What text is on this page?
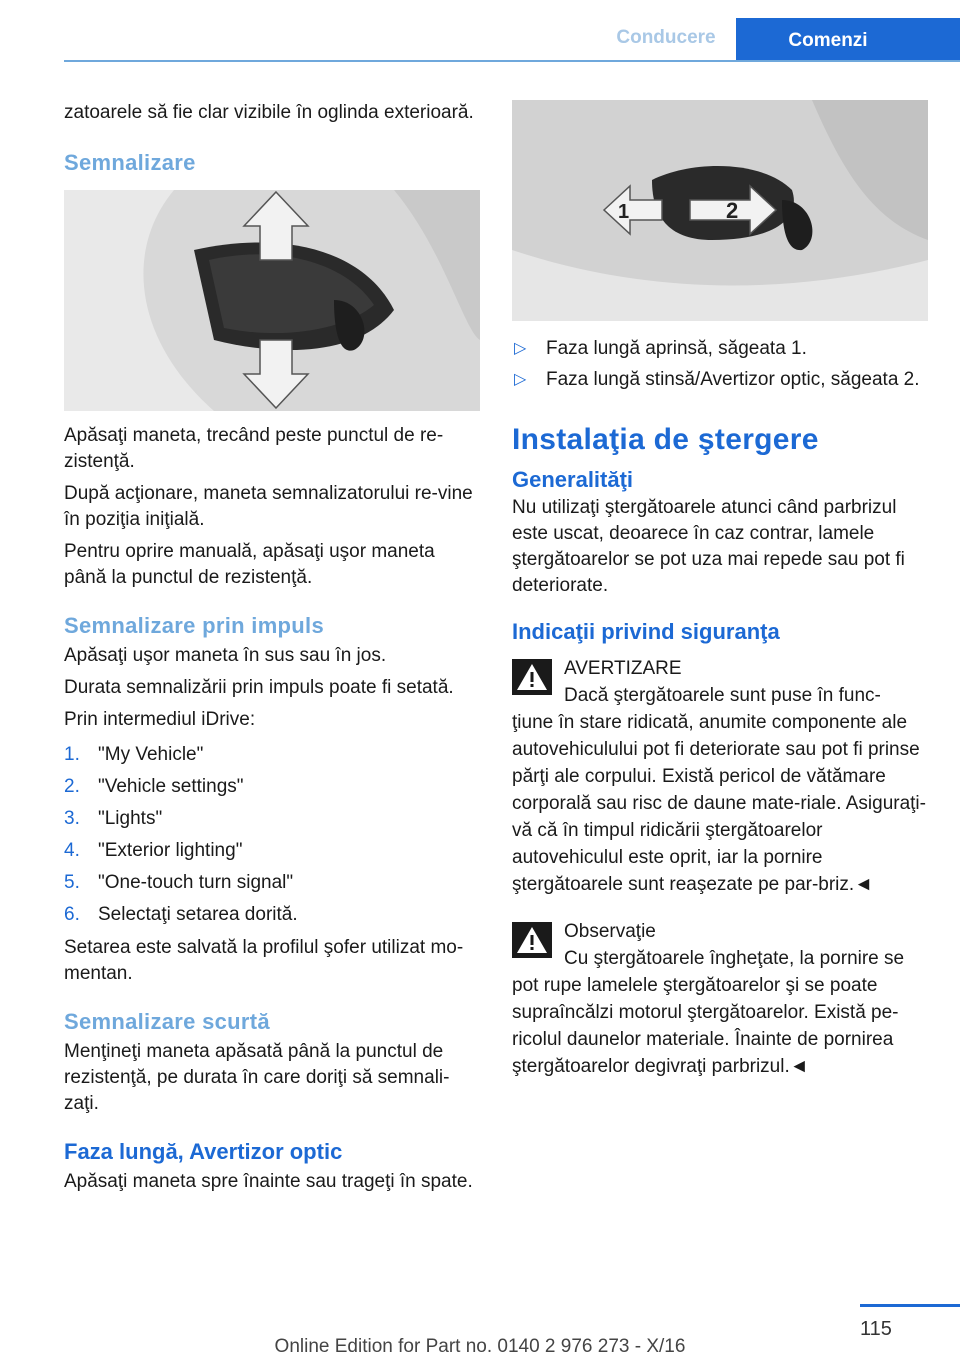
Conducere	Comenzi

zatoarele să fie clar vizibile în oglinda exterioară.

Semnalizare

Apăsaţi maneta, trecând peste punctul de re‐zistenţă.

După acţionare, maneta semnalizatorului re‐vine în poziţia iniţială.

Pentru oprire manuală, apăsaţi uşor maneta până la punctul de rezistenţă.

Semnalizare prin impuls

Apăsaţi uşor maneta în sus sau în jos.

Durata semnalizării prin impuls poate fi setată.

Prin intermediul iDrive:

1. "My Vehicle"
2. "Vehicle settings"
3. "Lights"
4. "Exterior lighting"
5. "One-touch turn signal"
6. Selectaţi setarea dorită.

Setarea este salvată la profilul şofer utilizat mo‐mentan.

Semnalizare scurtă

Menţineţi maneta apăsată până la punctul de rezistenţă, pe durata în care doriţi să semnali‐zaţi.

Faza lungă, Avertizor optic

Apăsaţi maneta spre înainte sau trageţi în spate.

1	2
▷ Faza lungă aprinsă, săgeata 1.
▷ Faza lungă stinsă/Avertizor optic, săgeata 2.
Instalaţia de ştergere
Generalităţi

Nu utilizaţi ştergătoarele atunci când parbrizul este uscat, deoarece în caz contrar, lamele ştergătoarelor se pot uza mai repede sau pot fi deteriorate.

Indicaţii privind siguranţa

AVERTIZARE

Dacă ştergătoarele sunt puse în func‐

ţiune în stare ridicată, anumite componente ale autovehiculului pot fi deteriorate sau pot fi prinse părţi ale corpului. Există pericol de vătămare corporală sau risc de daune mate‐riale. Asiguraţi-vă că în timpul ridicării ştergătoarelor autovehiculul este oprit, iar la pornire ştergătoarele sunt reaşezate pe par‐briz.◄

Observaţie

Cu ştergătoarele îngheţate, la pornire se

pot rupe lamelele ştergătoarelor şi se poate supraîncălzi motorul ştergătoarelor. Există pe‐ricolul daunelor materiale. Înainte de pornirea ştergătoarelor degivraţi parbrizul.◄

115
Online Edition for Part no. 0140 2 976 273 - X/16
